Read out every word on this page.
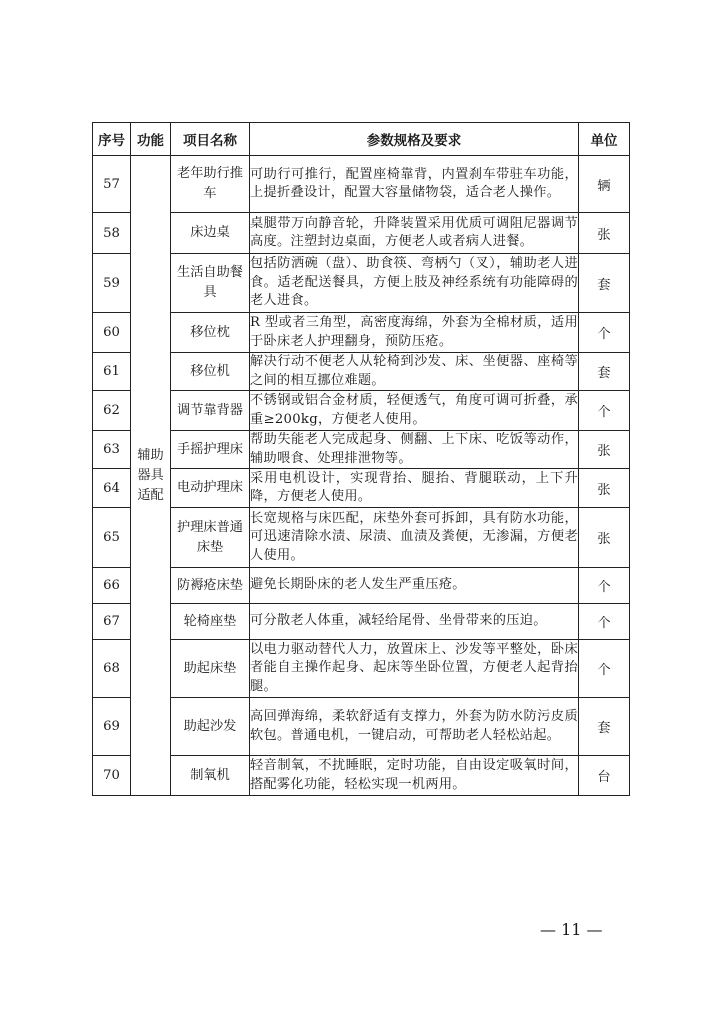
序号	功能	项目名称	参数规格及要求	单位
57	辅助器具适配	老年助行推车	可助行可推行，配置座椅靠背，内置刹车带驻车功能，上提折叠设计，配置大容量储物袋，适合老人操作。	辆
58		床边桌	桌腿带万向静音轮，升降装置采用优质可调阻尼器调节高度。注塑封边桌面，方便老人或者病人进餐。	张
59		生活自助餐具	包括防洒碗（盘）、助食筷、弯柄勺（叉），辅助老人进食。适老配送餐具，方便上肢及神经系统有功能障碍的老人进食。	套
60		移位枕	R 型或者三角型，高密度海绵，外套为全棉材质，适用于卧床老人护理翻身，预防压疮。	个
61		移位机	解决行动不便老人从轮椅到沙发、床、坐便器、座椅等之间的相互挪位难题。	套
62		调节靠背器	不锈钢或铝合金材质，轻便透气，角度可调可折叠，承重≥200kg，方便老人使用。	个
63		手摇护理床	帮助失能老人完成起身、侧翻、上下床、吃饭等动作，辅助喂食、处理排泄物等。	张
64		电动护理床	采用电机设计，实现背抬、腿抬、背腿联动，上下升降，方便老人使用。	张
65		护理床普通床垫	长宽规格与床匹配，床垫外套可拆卸，具有防水功能，可迅速清除水渍、尿渍、血渍及粪便，无渗漏，方便老人使用。	张
66		防褥疮床垫	避免长期卧床的老人发生严重压疮。	个
67		轮椅座垫	可分散老人体重，减轻给尾骨、坐骨带来的压迫。	个
68		助起床垫	以电力驱动替代人力，放置床上、沙发等平整处，卧床者能自主操作起身、起床等坐卧位置，方便老人起背抬腿。	个
69		助起沙发	高回弹海绵，柔软舒适有支撑力，外套为防水防污皮质软包。普通电机，一键启动，可帮助老人轻松站起。	套
70		制氧机	轻音制氧，不扰睡眠，定时功能，自由设定吸氧时间，搭配雾化功能，轻松实现一机两用。	台
— 11 —
